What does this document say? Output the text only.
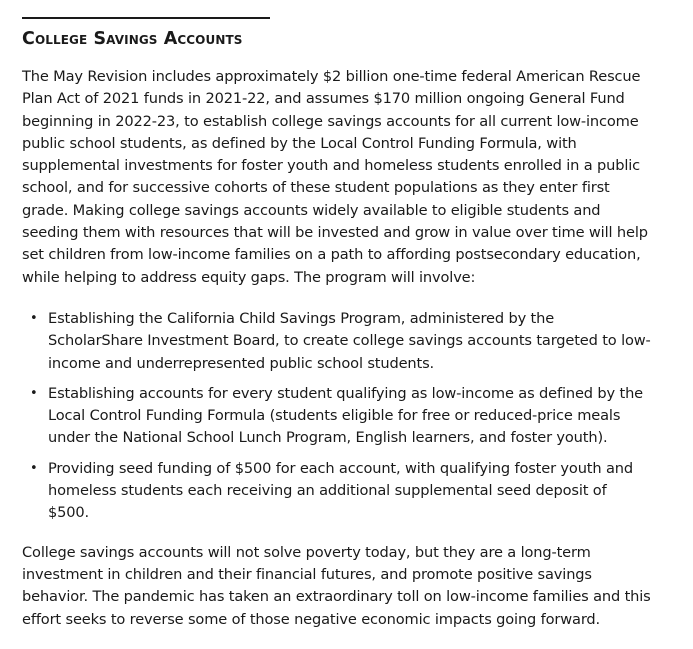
College Savings Accounts

The May Revision includes approximately $2 billion one-time federal American Rescue Plan Act of 2021 funds in 2021-22, and assumes $170 million ongoing General Fund beginning in 2022-23, to establish college savings accounts for all current low-income public school students, as defined by the Local Control Funding Formula, with supplemental investments for foster youth and homeless students enrolled in a public school, and for successive cohorts of these student populations as they enter first grade. Making college savings accounts widely available to eligible students and seeding them with resources that will be invested and grow in value over time will help set children from low-income families on a path to affording postsecondary education, while helping to address equity gaps. The program will involve:

• Establishing the California Child Savings Program, administered by the ScholarShare Investment Board, to create college savings accounts targeted to low-income and underrepresented public school students.
• Establishing accounts for every student qualifying as low-income as defined by the Local Control Funding Formula (students eligible for free or reduced-price meals under the National School Lunch Program, English learners, and foster youth).
• Providing seed funding of $500 for each account, with qualifying foster youth and homeless students each receiving an additional supplemental seed deposit of $500.

College savings accounts will not solve poverty today, but they are a long-term investment in children and their financial futures, and promote positive savings behavior. The pandemic has taken an extraordinary toll on low-income families and this effort seeks to reverse some of those negative economic impacts going forward.
